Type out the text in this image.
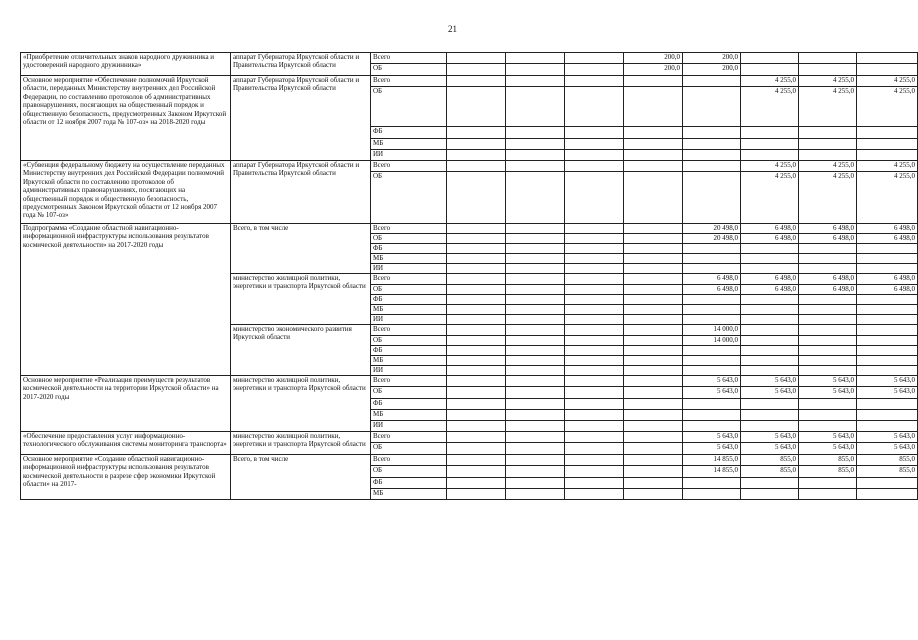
21
«Приобретение отличительных знаков народного дружинника и удостоверений народного дружинника»	аппарат Губернатора Иркутской области и Правительства Иркутской области	Всего				200,0	200,0			
		ОБ				200,0	200,0			
Основное мероприятие «Обеспечение полномочий Иркутской области, переданных Министерству внутренних дел Российской Федерации, по составлению протоколов об административных правонарушениях, посягающих на общественный порядок и общественную безопасность, предусмотренных Законом Иркутской области от 12 ноября 2007 года № 107-оз» на 2018-2020 годы	аппарат Губернатора Иркутской области и Правительства Иркутской области	Всего						4 255,0	4 255,0	4 255,0
		ОБ						4 255,0	4 255,0	4 255,0
		ФБ								
		МБ								
		ИИ								
«Субвенция федеральному бюджету на осуществление переданных Министерству внутренних дел Российской Федерации полномочий Иркутской области по составлению протоколов об административных правонарушениях, посягающих на общественный порядок и общественную безопасность, предусмотренных Законом Иркутской области от 12 ноября 2007 года № 107-оз»	аппарат Губернатора Иркутской области и Правительства Иркутской области	Всего						4 255,0	4 255,0	4 255,0
		ОБ						4 255,0	4 255,0	4 255,0
Подпрограмма «Создание областной навигационно-информационной инфраструктуры использования результатов космической деятельности» на 2017-2020 годы	Всего, в том числе	Всего					20 498,0	6 498,0	6 498,0	6 498,0
		ОБ					20 498,0	6 498,0	6 498,0	6 498,0
		ФБ								
		МБ								
		ИИ								
	министерство жилищной политики, энергетики и транспорта Иркутской области	Всего					6 498,0	6 498,0	6 498,0	6 498,0
		ОБ					6 498,0	6 498,0	6 498,0	6 498,0
		ФБ								
		МБ								
		ИИ								
	министерство экономического развития Иркутской области	Всего					14 000,0			
		ОБ					14 000,0			
		ФБ								
		МБ								
		ИИ								
Основное мероприятие «Реализация преимуществ результатов космической деятельности на территории Иркутской области» на 2017-2020 годы	министерство жилищной политики, энергетики и транспорта Иркутской области	Всего					5 643,0	5 643,0	5 643,0	5 643,0
		ОБ					5 643,0	5 643,0	5 643,0	5 643,0
		ФБ								
		МБ								
		ИИ								
«Обеспечение предоставления услуг информационно-технологического обслуживания системы мониторинга транспорта»	министерство жилищной политики, энергетики и транспорта Иркутской области	Всего					5 643,0	5 643,0	5 643,0	5 643,0
		ОБ					5 643,0	5 643,0	5 643,0	5 643,0
Основное мероприятие «Создание областной навигационно-информационной инфраструктуры использования результатов космической деятельности в разрезе сфер экономики Иркутской области» на 2017-	Всего, в том числе	Всего					14 855,0	855,0	855,0	855,0
		ОБ					14 855,0	855,0	855,0	855,0
		ФБ								
		МБ								
